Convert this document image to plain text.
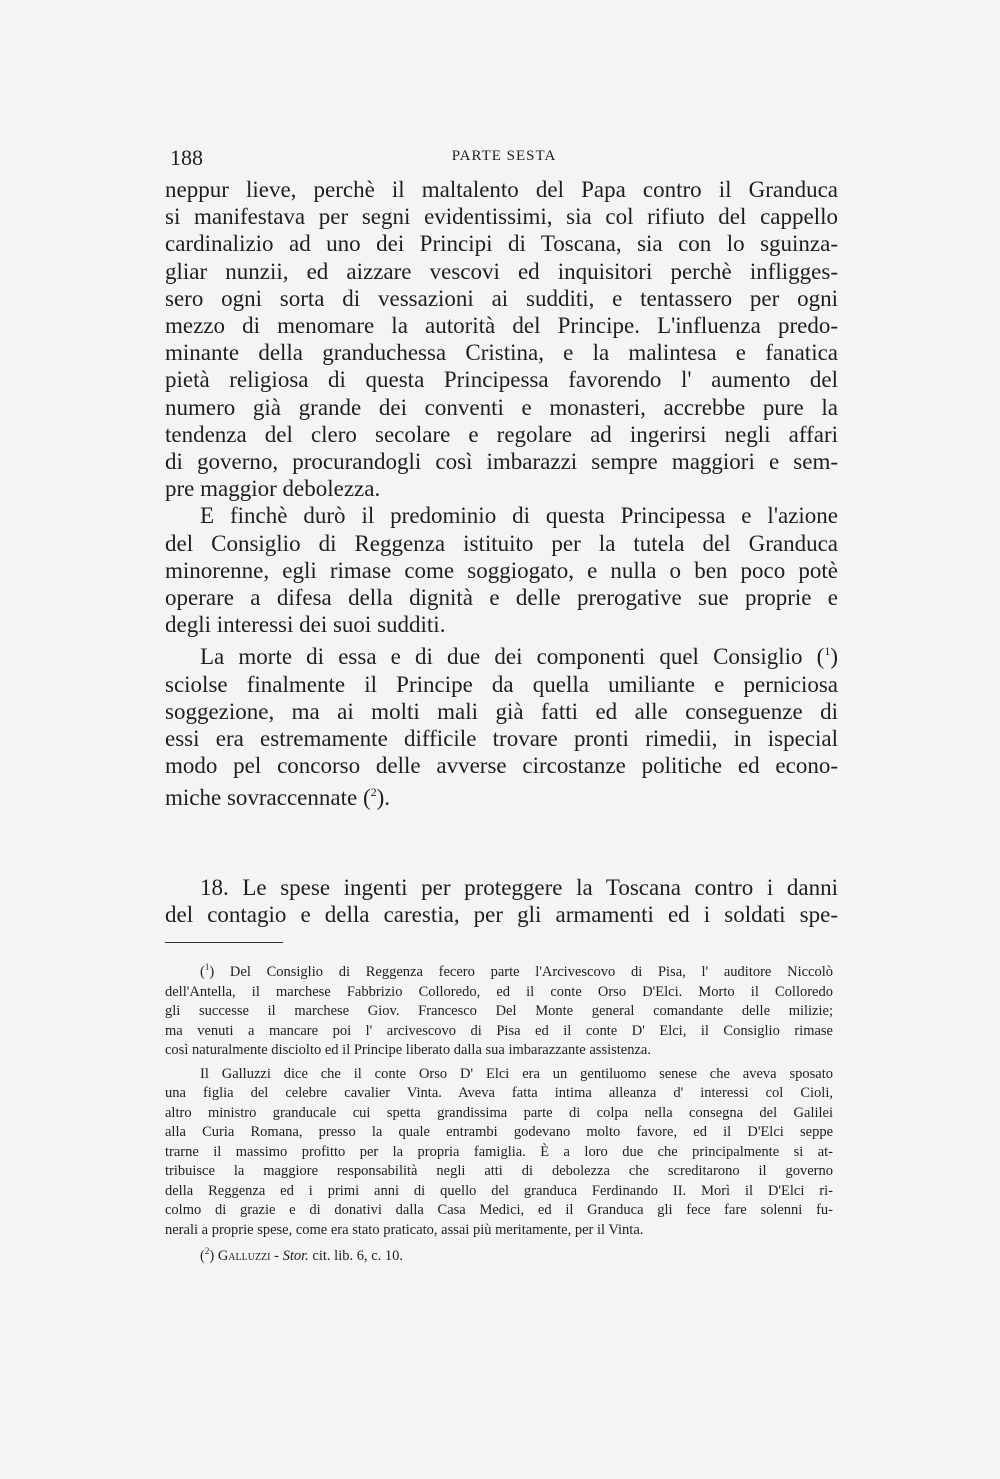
188	PARTE SESTA
neppur lieve, perchè il maltalento del Papa contro il Granduca
si manifestava per segni evidentissimi, sia col rifiuto del cappello
cardinalizio ad uno dei Principi di Toscana, sia con lo sguinza-
gliar nunzii, ed aizzare vescovi ed inquisitori perchè infligges-
sero ogni sorta di vessazioni ai sudditi, e tentassero per ogni
mezzo di menomare la autorità del Principe. L'influenza predo-
minante della granduchessa Cristina, e la malintesa e fanatica
pietà religiosa di questa Principessa favorendo l' aumento del
numero già grande dei conventi e monasteri, accrebbe pure la
tendenza del clero secolare e regolare ad ingerirsi negli affari
di governo, procurandogli così imbarazzi sempre maggiori e sem-
pre maggior debolezza.
E finchè durò il predominio di questa Principessa e l'azione
del Consiglio di Reggenza istituito per la tutela del Granduca
minorenne, egli rimase come soggiogato, e nulla o ben poco potè
operare a difesa della dignità e delle prerogative sue proprie e
degli interessi dei suoi sudditi.
La morte di essa e di due dei componenti quel Consiglio ($^1$)
sciolse finalmente il Principe da quella umiliante e perniciosa
soggezione, ma ai molti mali già fatti ed alle conseguenze di
essi era estremamente difficile trovare pronti rimedii, in ispecial
modo pel concorso delle avverse circostanze politiche ed econo-
miche sovraccennate ($^2$).
18. Le spese ingenti per proteggere la Toscana contro i danni
del contagio e della carestia, per gli armamenti ed i soldati spe-
($^1$) Del Consiglio di Reggenza fecero parte l'Arcivescovo di Pisa, l' auditore Niccolò
dell'Antella, il marchese Fabbrizio Colloredo, ed il conte Orso D'Elci. Morto il Colloredo
gli successe il marchese Giov. Francesco Del Monte general comandante delle milizie;
ma venuti a mancare poi l' arcivescovo di Pisa ed il conte D' Elci, il Consiglio rimase
così naturalmente disciolto ed il Principe liberato dalla sua imbarazzante assistenza.
Il Galluzzi dice che il conte Orso D' Elci era un gentiluomo senese che aveva sposato
una figlia del celebre cavalier Vinta. Aveva fatta intima alleanza d' interessi col Cioli,
altro ministro granducale cui spetta grandissima parte di colpa nella consegna del Galilei
alla Curia Romana, presso la quale entrambi godevano molto favore, ed il D'Elci seppe
trarne il massimo profitto per la propria famiglia. È a loro due che principalmente si at-
tribuisce la maggiore responsabilità negli atti di debolezza che screditarono il governo
della Reggenza ed i primi anni di quello del granduca Ferdinando II. Morì il D'Elci ri-
colmo di grazie e di donativi dalla Casa Medici, ed il Granduca gli fece fare solenni fu-
nerali a proprie spese, come era stato praticato, assai più meritamente, per il Vinta.
($^2$) Galluzzi - Stor. cit. lib. 6, c. 10.
